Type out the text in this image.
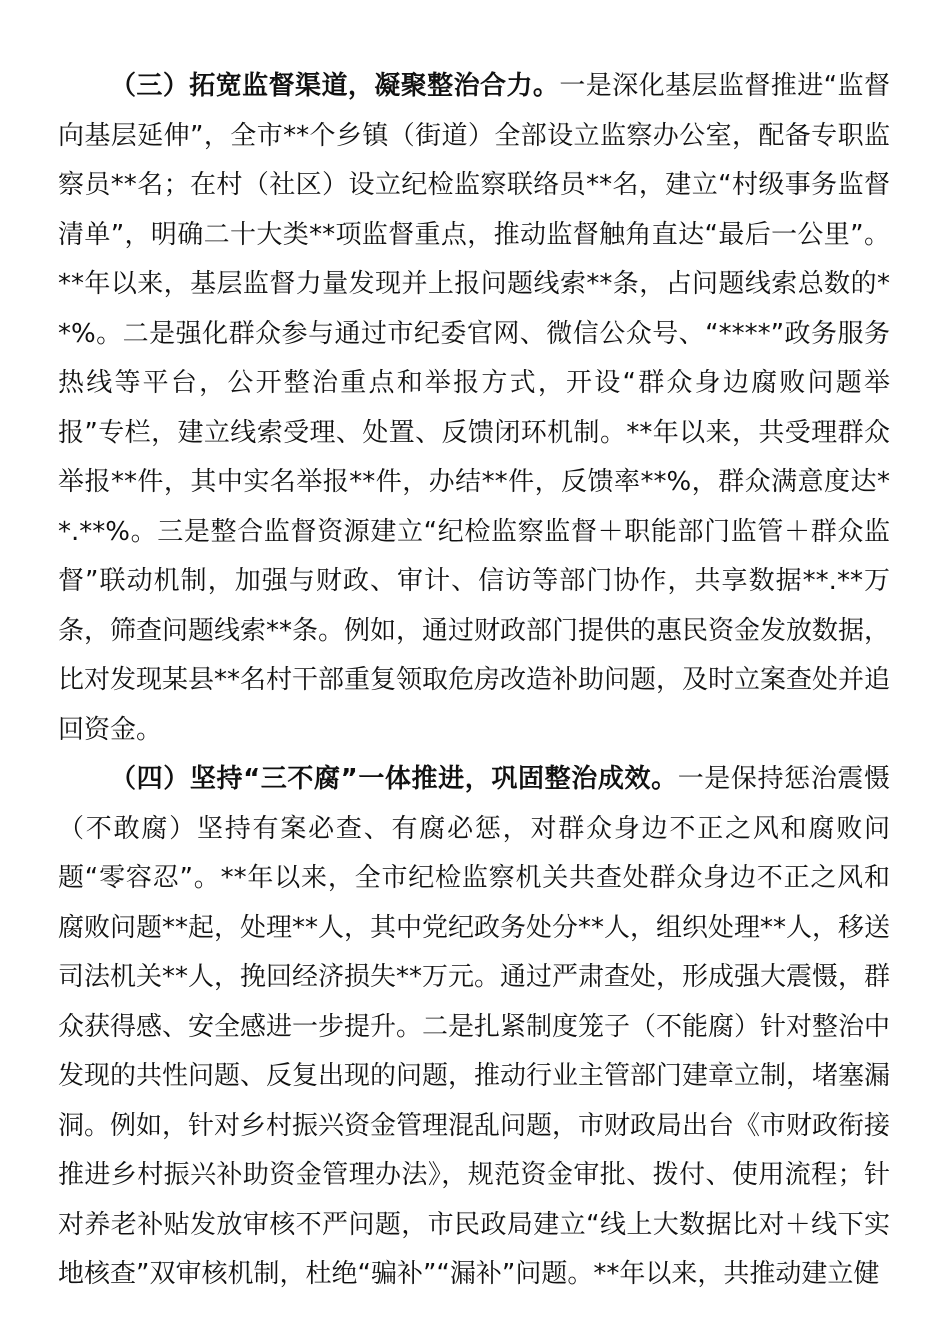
（三）拓宽监督渠道，凝聚整治合力。一是深化基层监督推进“监督向基层延伸”，全市**个乡镇（街道）全部设立监察办公室，配备专职监察员**名；在村（社区）设立纪检监察联络员**名，建立“村级事务监督清单”，明确二十大类**项监督重点，推动监督触角直达“最后一公里”。**年以来，基层监督力量发现并上报问题线索**条，占问题线索总数的**%。二是强化群众参与通过市纪委官网、微信公众号、“****”政务服务热线等平台，公开整治重点和举报方式，开设“群众身边腐败问题举报”专栏，建立线索受理、处置、反馈闭环机制。**年以来，共受理群众举报**件，其中实名举报**件，办结**件，反馈率**%，群众满意度达**.**%。三是整合监督资源建立“纪检监察监督＋职能部门监管＋群众监督”联动机制，加强与财政、审计、信访等部门协作，共享数据**.**万条，筛查问题线索**条。例如，通过财政部门提供的惠民资金发放数据，比对发现某县**名村干部重复领取危房改造补助问题，及时立案查处并追回资金。

（四）坚持“三不腐”一体推进，巩固整治成效。一是保持惩治震慑（不敢腐）坚持有案必查、有腐必惩，对群众身边不正之风和腐败问题“零容忍”。**年以来，全市纪检监察机关共查处群众身边不正之风和腐败问题**起，处理**人，其中党纪政务处分**人，组织处理**人，移送司法机关**人，挽回经济损失**万元。通过严肃查处，形成强大震慑，群众获得感、安全感进一步提升。二是扎紧制度笼子（不能腐）针对整治中发现的共性问题、反复出现的问题，推动行业主管部门建章立制，堵塞漏洞。例如，针对乡村振兴资金管理混乱问题，市财政局出台《市财政衔接推进乡村振兴补助资金管理办法》，规范资金审批、拨付、使用流程；针对养老补贴发放审核不严问题，市民政局建立“线上大数据比对＋线下实地核查”双审核机制，杜绝“骗补”“漏补”问题。**年以来，共推动建立健
